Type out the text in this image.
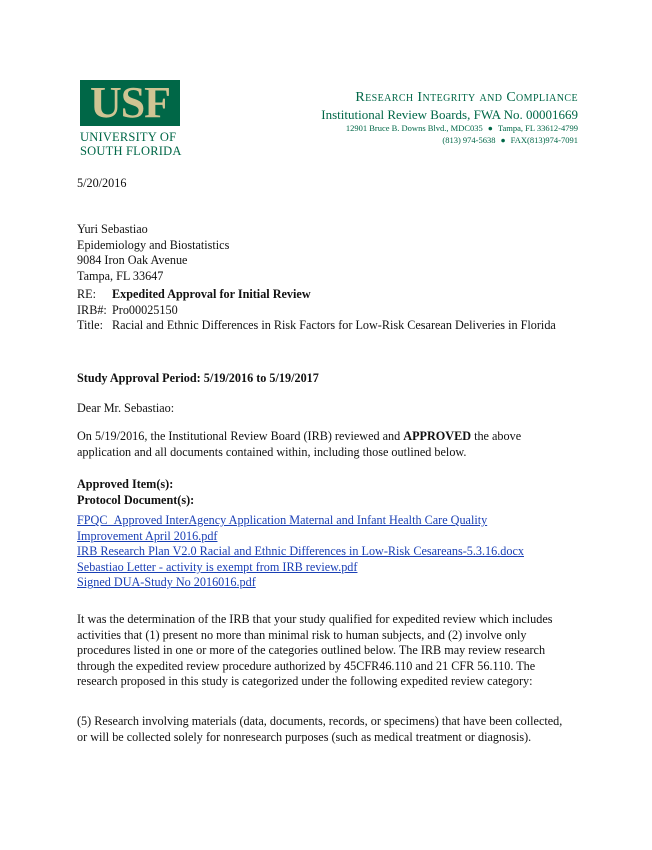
USF
UNIVERSITY OF
SOUTH FLORIDA
Research Integrity and Compliance
Institutional Review Boards, FWA No. 00001669
12901 Bruce B. Downs Blvd., MDC035 ● Tampa, FL 33612-4799
(813) 974-5638 ● FAX(813)974-7091
5/20/2016
Yuri Sebastiao
Epidemiology and Biostatistics
9084 Iron Oak Avenue
Tampa, FL 33647
RE:	Expedited Approval for Initial Review
IRB#: Pro00025150
Title: Racial and Ethnic Differences in Risk Factors for Low-Risk Cesarean Deliveries in Florida
Study Approval Period: 5/19/2016 to 5/19/2017
Dear Mr. Sebastiao:
On 5/19/2016, the Institutional Review Board (IRB) reviewed and APPROVED the above application and all documents contained within, including those outlined below.
Approved Item(s):
Protocol Document(s):
FPQC_Approved InterAgency Application Maternal and Infant Health Care Quality Improvement April 2016.pdf
IRB Research Plan V2.0 Racial and Ethnic Differences in Low-Risk Cesareans-5.3.16.docx
Sebastiao Letter - activity is exempt from IRB review.pdf
Signed DUA-Study No 2016016.pdf
It was the determination of the IRB that your study qualified for expedited review which includes activities that (1) present no more than minimal risk to human subjects, and (2) involve only procedures listed in one or more of the categories outlined below. The IRB may review research through the expedited review procedure authorized by 45CFR46.110 and 21 CFR 56.110. The research proposed in this study is categorized under the following expedited review category:
(5) Research involving materials (data, documents, records, or specimens) that have been collected, or will be collected solely for nonresearch purposes (such as medical treatment or diagnosis).
